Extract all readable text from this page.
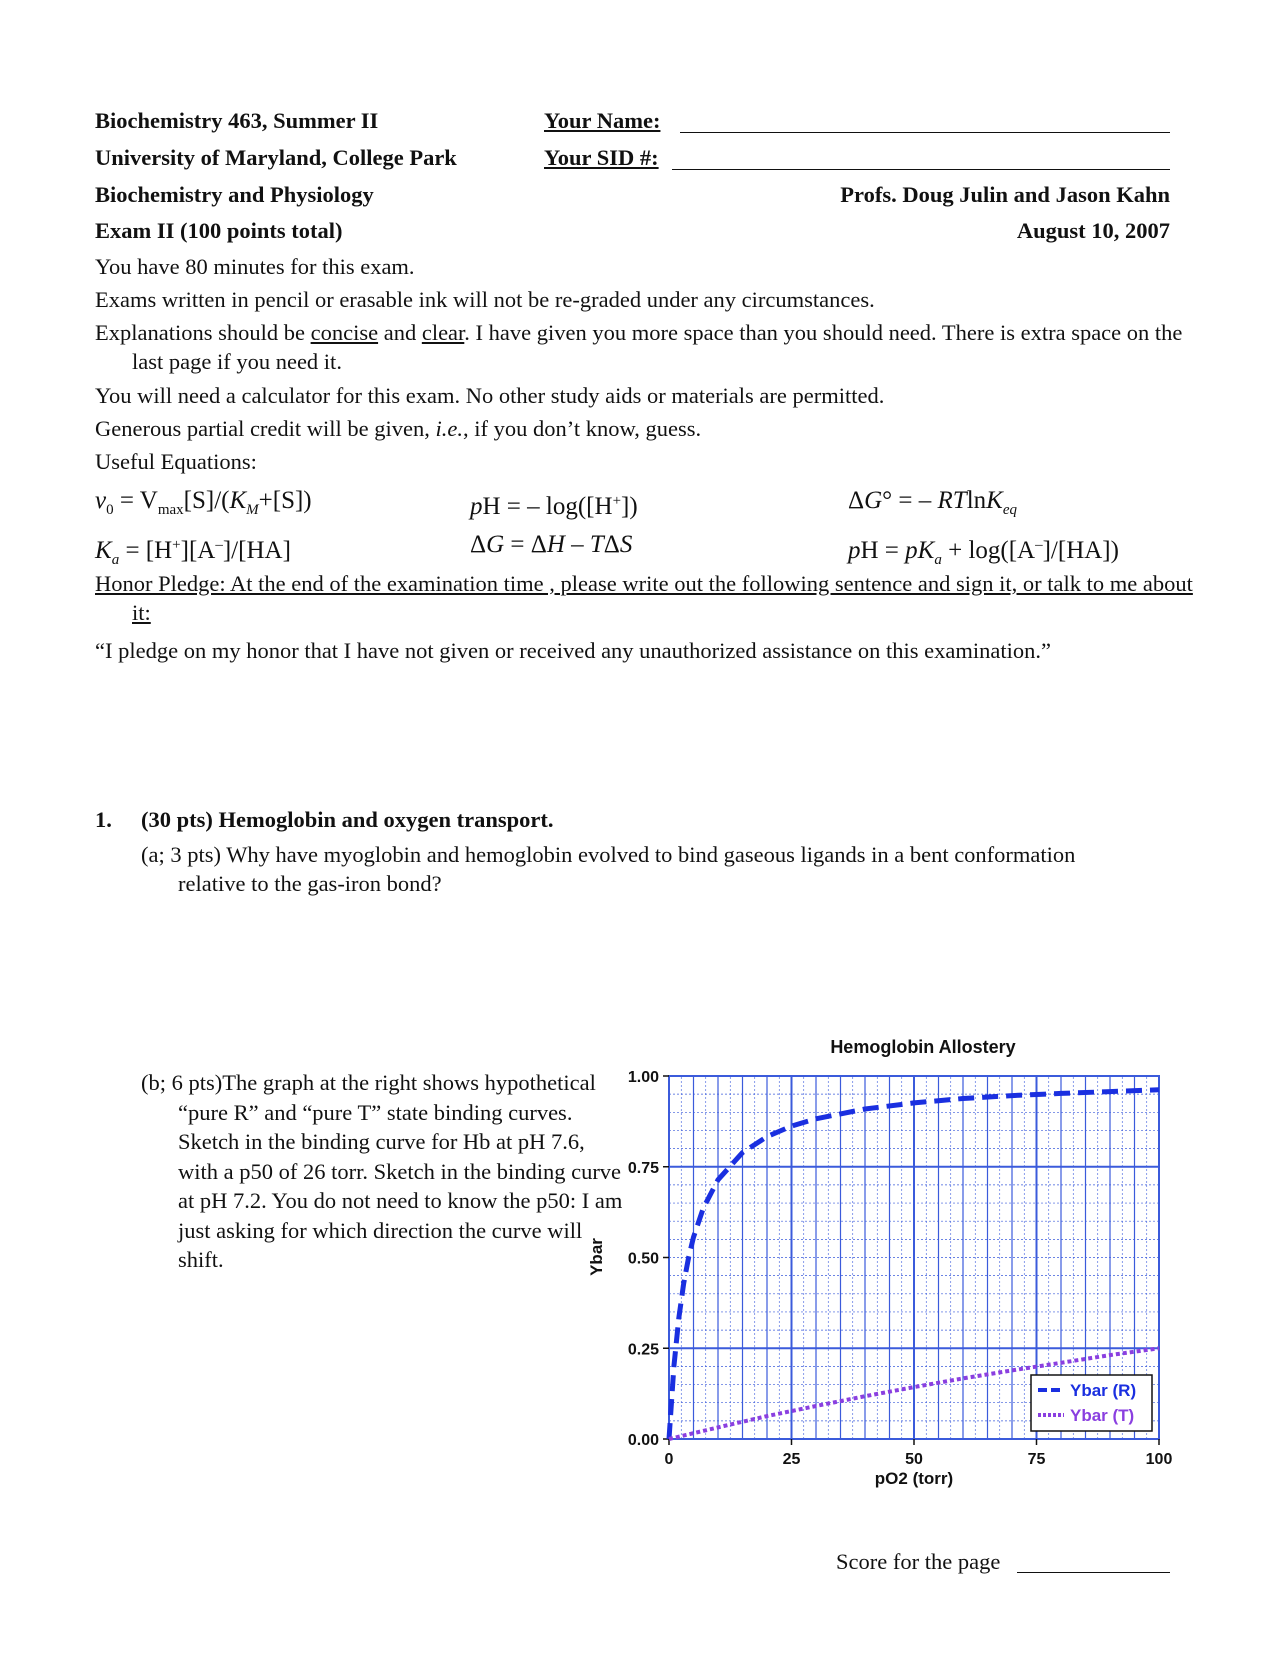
Biochemistry 463, Summer II
University of Maryland, College Park
Biochemistry and Physiology
Exam II (100 points total)
Your Name:
Your SID #:
Profs. Doug Julin and Jason Kahn
August 10, 2007
You have 80 minutes for this exam.
Exams written in pencil or erasable ink will not be re-graded under any circumstances.
Explanations should be concise and clear. I have given you more space than you should need. There is extra space on the last page if you need it.
You will need a calculator for this exam. No other study aids or materials are permitted.
Generous partial credit will be given, i.e., if you don’t know, guess.
Useful Equations:
$v_0 = V_{max}[S]/(K_M+[S])$	pH = – log([H+])	ΔG° = – RTlnK$_{eq}$
$K_a = [H^+][A^-]/[HA]$	ΔG = ΔH – TΔS	pH = $pK_a + \log([A^-]/[HA])$
Honor Pledge: At the end of the examination time , please write out the following sentence and sign it, or talk to me about it:
“I pledge on my honor that I have not given or received any unauthorized assistance on this examination.”
1. (30 pts) Hemoglobin and oxygen transport.
(a; 3 pts) Why have myoglobin and hemoglobin evolved to bind gaseous ligands in a bent conformation relative to the gas-iron bond?
(b; 6 pts)The graph at the right shows hypothetical “pure R” and “pure T” state binding curves. Sketch in the binding curve for Hb at pH 7.6, with a p50 of 26 torr. Sketch in the binding curve at pH 7.2. You do not need to know the p50: I am just asking for which direction the curve will shift.
Hemoglobin Allostery
0	25	50	75	100
0.00
0.25
0.50
0.75
1.00
Ybar
pO2 (torr)
Ybar (R)
Ybar (T)
Score for the page
